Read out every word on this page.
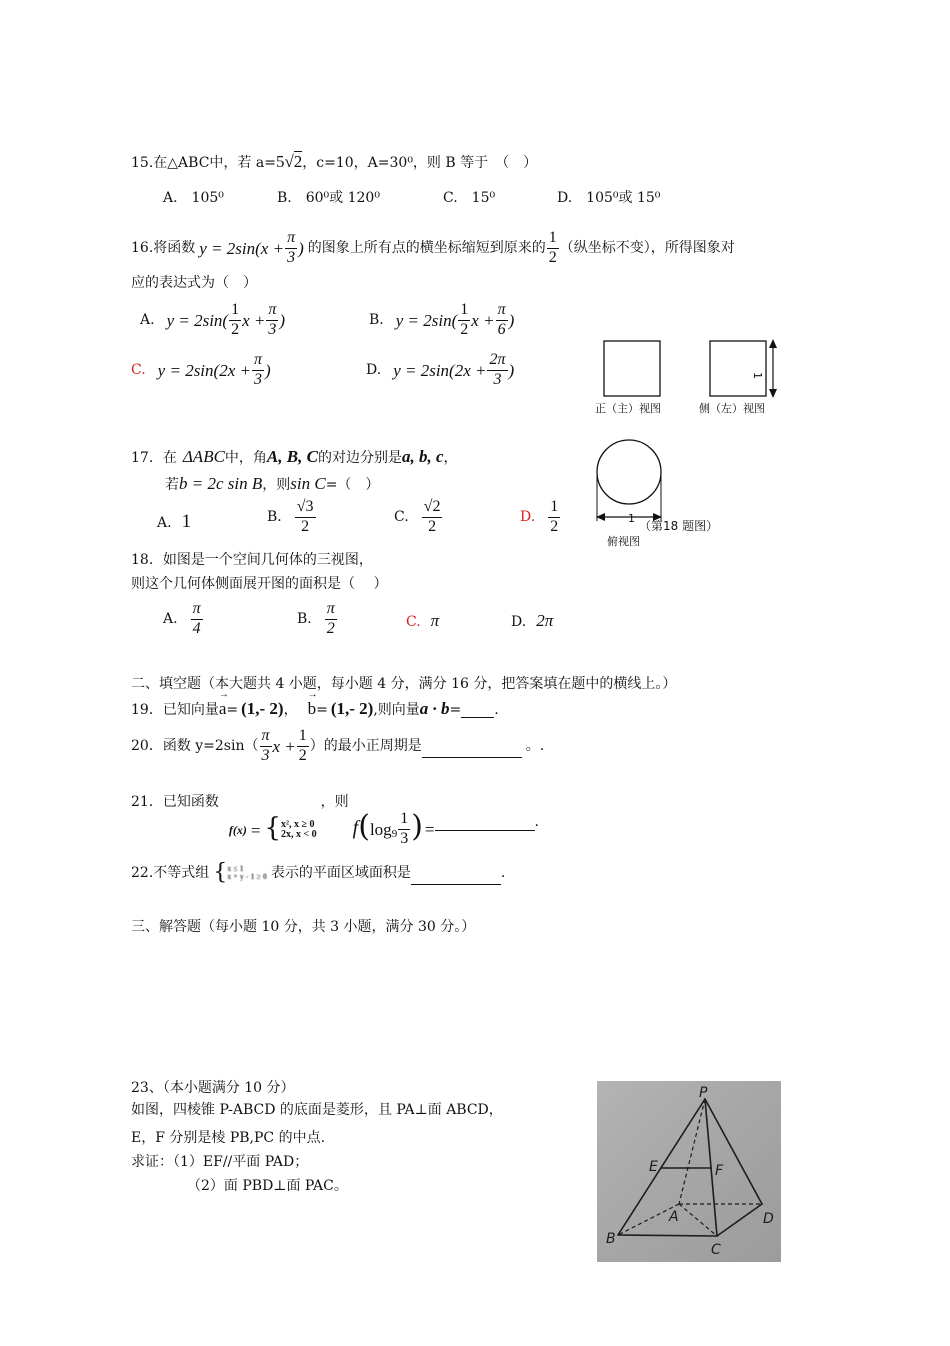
15.在△ABC中，若 a=5√2，c=10，A=30⁰，则 B 等于　（　）
A.　105⁰	B.　60⁰或 120⁰	C.　15⁰	D.　105⁰或 15⁰
16.将函数 $y = 2\sin(x + \frac{\pi}{3}$ ) 的图象上所有点的横坐标缩短到原来的 $\frac{1}{2}$ （纵坐标不变），所得图象对
应的表达式为（　）
A. $y = 2\sin( \frac{1}{2}$ $x + \frac{\pi}{3}$ )	B. $y = 2\sin( \frac{1}{2}$ $x + \frac{\pi}{6}$ )
C. $y = 2\sin(2x + \frac{\pi}{3}$ )	D. $y = 2\sin(2x + \frac{2\pi}{3}$ )
正（主）视图	侧（左）视图
1
1
（第18 题图）
俯视图
17．在 ΔABC中，角A, B, C的对边分别是a, b, c，
若b = 2c sin B，则sin C=（　）
A. 1	B. $\frac{√3}{2}$	C. $\frac{√2}{2}$	D. $\frac{1}{2}$
18．如图是一个空间几何体的三视图，
则这个几何体侧面展开图的面积是（　 ）
A. $\frac{\pi}{4}$	B. $\frac{\pi}{2}$	C. π	D. 2π
二、填空题（本大题共 4 小题，每小题 4 分，满分 16 分，把答案填在题中的横线上。）
19．已知向量
→
a= (1,- 2)，
→
b= (1,- 2),则向量a · b= .
20．函数 $y=2\sin( \frac{\pi}{3}$ $x + \frac{1}{2}$ ）的最小正周期是
	。.
21．已知函数
f(x) = { x², x ≥ 0
2x, x < 0
，则
f ( $\log 9 \frac{1}{3}$ ) =
	.
22.不等式组 { x ≤ 1
x + y - 1 ≥ 0 表示的平面区域面积是
	.
三、解答题（每小题 10 分，共 3 小题，满分 30 分。）
23、（本小题满分 10 分）
如图，四棱锥 P-ABCD 的底面是菱形，且 PA⊥面 ABCD，
E，F 分别是棱 PB,PC 的中点.
求证：（1）EF//平面 PAD；
（2）面 PBD⊥面 PAC。
P
E	F
A
B
C
D
